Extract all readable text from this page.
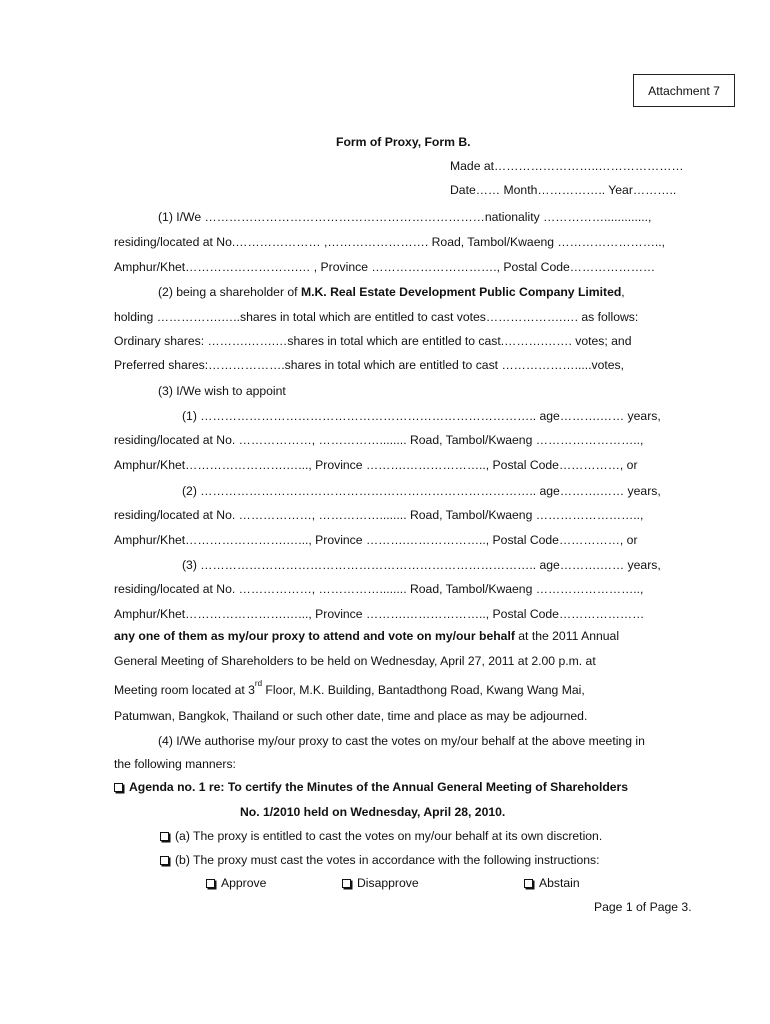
Attachment 7
Form of Proxy, Form B.
Made at……………………..…………………
Date…… Month…………….. Year………..
(1) I/We ……………………………………………………………nationality …………….............,
residing/located at No.………………… ,……………………. Road, Tambol/Kwaeng ……………………..,
Amphur/Khet……………………….… , Province …………………………., Postal Code…………………
(2) being a shareholder of M.K. Real Estate Development Public Company Limited,
holding …………….…..shares in total which are entitled to cast votes……………….…. as follows:
Ordinary shares: ……….…….…shares in total which are entitled to cast.……….……. votes; and
Preferred shares:……………….shares in total which are entitled to cast ……………….....votes,
(3) I/We wish to appoint
(1) ……………………………………………………………………….. age……….…… years,
residing/located at No. ………………, ……………........ Road, Tambol/Kwaeng ……………………..,
Amphur/Khet…………………….…..., Province ……….……………….., Postal Code……………, or
(2) ……………………………………………………………………….. age……….…… years,
residing/located at No. ………………, ……………........ Road, Tambol/Kwaeng ……………………..,
Amphur/Khet…………………….…..., Province ……….……………….., Postal Code……………, or
(3) ……………………………………………………………………….. age……….…… years,
residing/located at No. ………………, ……………........ Road, Tambol/Kwaeng ……………………..,
Amphur/Khet…………………….…..., Province ……….……………….., Postal Code…………………
any one of them as my/our proxy to attend and vote on my/our behalf at the 2011 Annual
General Meeting of Shareholders to be held on Wednesday, April 27, 2011 at 2.00 p.m. at
Meeting room located at 3rd Floor, M.K. Building, Bantadthong Road, Kwang Wang Mai,
Patumwan, Bangkok, Thailand or such other date, time and place as may be adjourned.
(4) I/We authorise my/our proxy to cast the votes on my/our behalf at the above meeting in
the following manners:
Agenda no. 1 re: To certify the Minutes of the Annual General Meeting of Shareholders
No. 1/2010 held on Wednesday, April 28, 2010.
(a) The proxy is entitled to cast the votes on my/our behalf at its own discretion.
(b) The proxy must cast the votes in accordance with the following instructions:
Approve	Disapprove	Abstain
Page 1 of Page 3.
